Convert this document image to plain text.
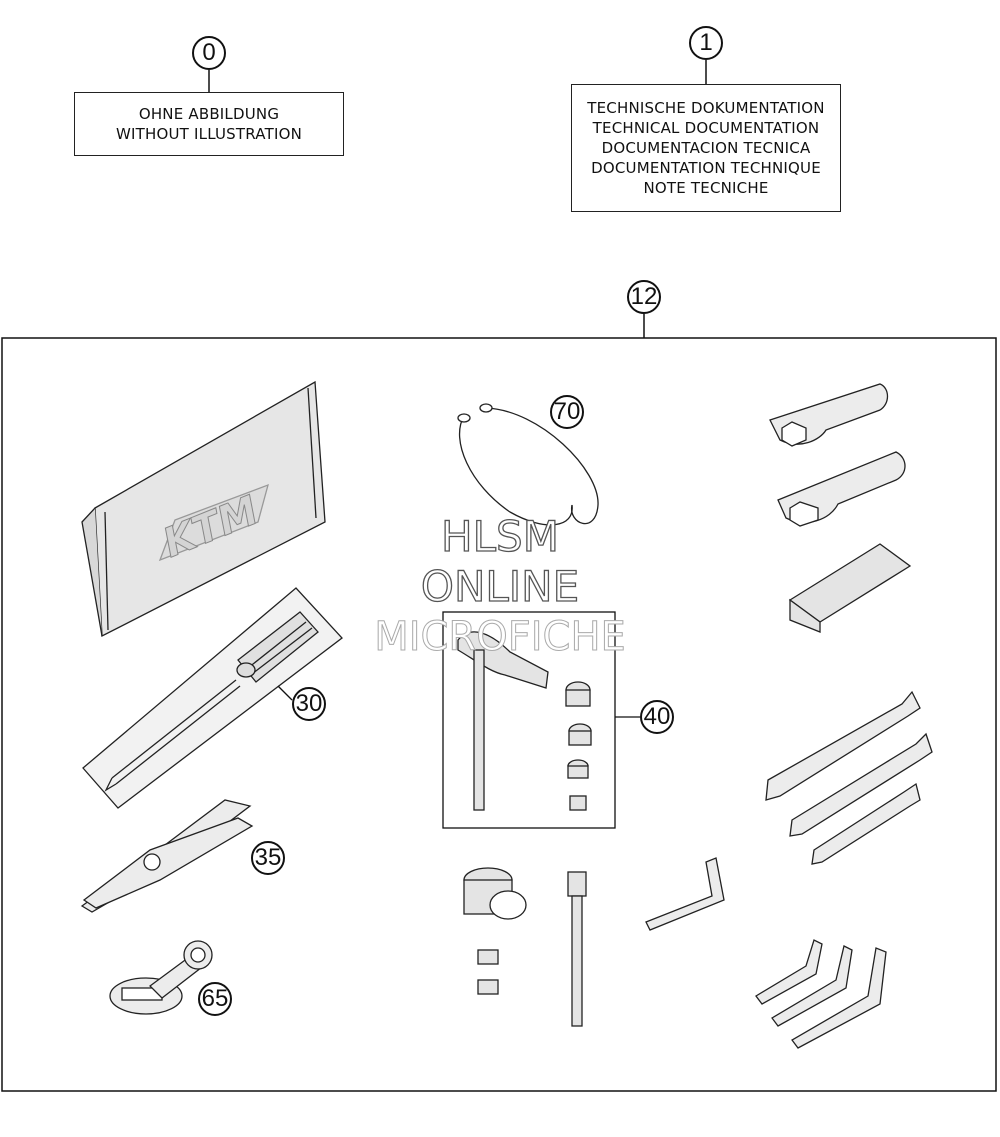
KTM
0
OHNE ABBILDUNG
WITHOUT ILLUSTRATION
1
TECHNISCHE DOKUMENTATION
TECHNICAL DOCUMENTATION
DOCUMENTACION TECNICA
DOCUMENTATION TECHNIQUE
NOTE TECNICHE
12
70
30	40
35
65
HLSM
ONLINE
MICROFICHE
